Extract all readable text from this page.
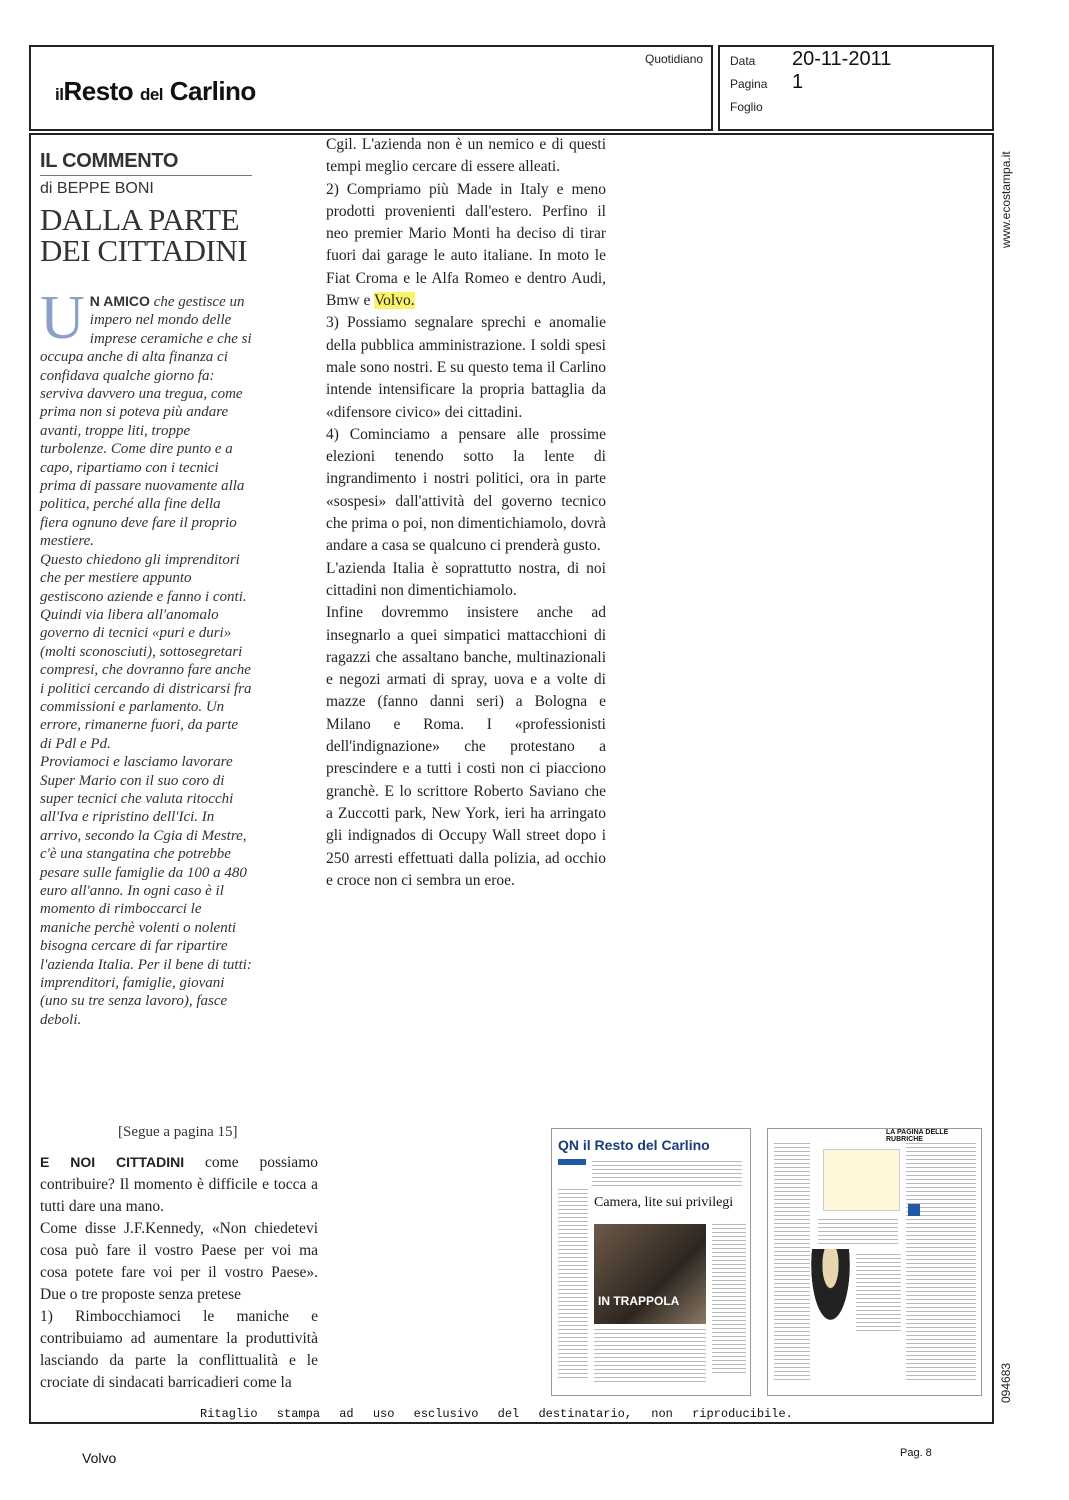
ilResto del Carlino
Quotidiano Data 20-11-2011
Pagina 1
Foglio
www.ecostampa.it
094683
IL COMMENTO
di BEPPE BONI
DALLA PARTE
DEI CITTADINI
U N AMICO che gestisce un impero nel mondo delle imprese ceramiche e che si occupa anche di alta finanza ci confidava qualche giorno fa: serviva davvero una tregua, come prima non si poteva più andare avanti, troppe liti, troppe turbolenze. Come dire punto e a capo, ripartiamo con i tecnici prima di passare nuovamente alla politica, perché alla fine della fiera ognuno deve fare il proprio mestiere.

Questo chiedono gli imprenditori che per mestiere appunto gestiscono aziende e fanno i conti. Quindi via libera all'anomalo governo di tecnici «puri e duri» (molti sconosciuti), sottosegretari compresi, che dovranno fare anche i politici cercando di districarsi fra commissioni e parlamento. Un errore, rimanerne fuori, da parte di Pdl e Pd.

Proviamoci e lasciamo lavorare Super Mario con il suo coro di super tecnici che valuta ritocchi all'Iva e ripristino dell'Ici. In arrivo, secondo la Cgia di Mestre, c'è una stangatina che potrebbe pesare sulle famiglie da 100 a 480 euro all'anno. In ogni caso è il momento di rimboccarci le maniche perchè volenti o nolenti bisogna cercare di far ripartire l'azienda Italia. Per il bene di tutti: imprenditori, famiglie, giovani (uno su tre senza lavoro), fasce deboli.

[Segue a pagina 15]

E NOI CITTADINI come possiamo contribuire? Il momento è difficile e tocca a tutti dare una mano.

Come disse J.F.Kennedy, «Non chiedetevi cosa può fare il vostro Paese per voi ma cosa potete fare voi per il vostro Paese». Due o tre proposte senza pretese

1) Rimbocchiamoci le maniche e contribuiamo ad aumentare la produttività lasciando da parte la conflittualità e le crociate di sindacati barricadieri come la

Cgil. L'azienda non è un nemico e di questi tempi meglio cercare di essere alleati.

2) Compriamo più Made in Italy e meno prodotti provenienti dall'estero. Perfino il neo premier Mario Monti ha deciso di tirar fuori dai garage le auto italiane. In moto le Fiat Croma e le Alfa Romeo e dentro Audi, Bmw e Volvo.

3) Possiamo segnalare sprechi e anomalie della pubblica amministrazione. I soldi spesi male sono nostri. E su questo tema il Carlino intende intensificare la propria battaglia da «difensore civico» dei cittadini.

4) Cominciamo a pensare alle prossime elezioni tenendo sotto la lente di ingrandimento i nostri politici, ora in parte «sospesi» dall'attività del governo tecnico che prima o poi, non dimentichiamolo, dovrà andare a casa se qualcuno ci prenderà gusto.

L'azienda Italia è soprattutto nostra, di noi cittadini non dimentichiamolo.

Infine dovremmo insistere anche ad insegnarlo a quei simpatici mattacchioni di ragazzi che assaltano banche, multinazionali e negozi armati di spray, uova e a volte di mazze (fanno danni seri) a Bologna e Milano e Roma. I «professionisti dell'indignazione» che protestano a prescindere e a tutti i costi non ci piacciono granchè. E lo scrittore Roberto Saviano che a Zuccotti park, New York, ieri ha arringato gli indignados di Occupy Wall street dopo i 250 arresti effettuati dalla polizia, ad occhio e croce non ci sembra un eroe.

QN il Resto del Carlino
Camera, lite sui privilegi
IN TRAPPOLA
LA PAGINA DELLE RUBRICHE
Ritaglio stampa ad uso esclusivo del destinatario, non riproducibile.
Volvo	Pag. 8
